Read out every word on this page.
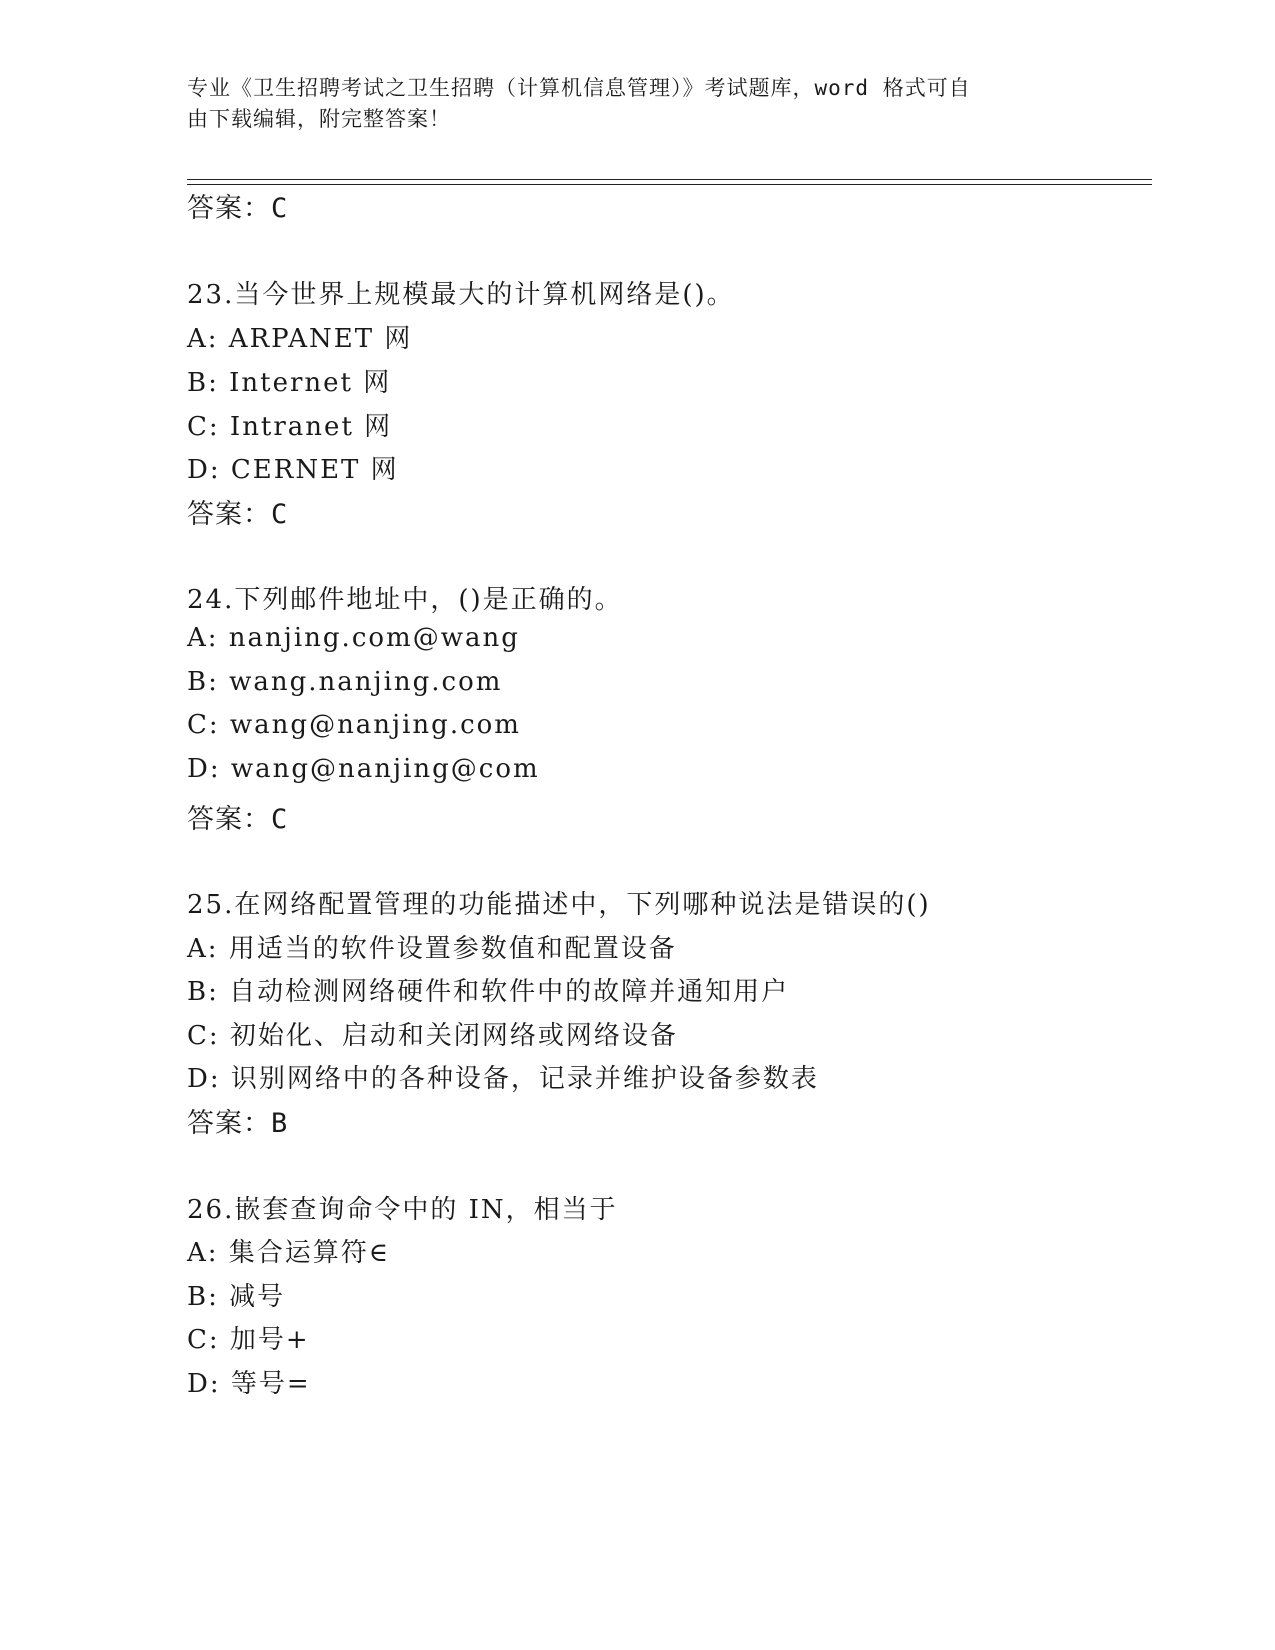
专业《卫生招聘考试之卫生招聘（计算机信息管理）》考试题库，word 格式可自
由下载编辑，附完整答案！
答案：C
23.当今世界上规模最大的计算机网络是()。
A: ARPANET 网
B: Internet 网
C: Intranet 网
D: CERNET 网
答案：C
24.下列邮件地址中，()是正确的。
A: nanjing.com@wang
B: wang.nanjing.com
C: wang@nanjing.com
D: wang@nanjing@com
答案：C
25.在网络配置管理的功能描述中，下列哪种说法是错误的()
A: 用适当的软件设置参数值和配置设备
B: 自动检测网络硬件和软件中的故障并通知用户
C: 初始化、启动和关闭网络或网络设备
D: 识别网络中的各种设备，记录并维护设备参数表
答案：B
26.嵌套查询命令中的 IN，相当于
A: 集合运算符∈
B: 减号
C: 加号+
D: 等号=
